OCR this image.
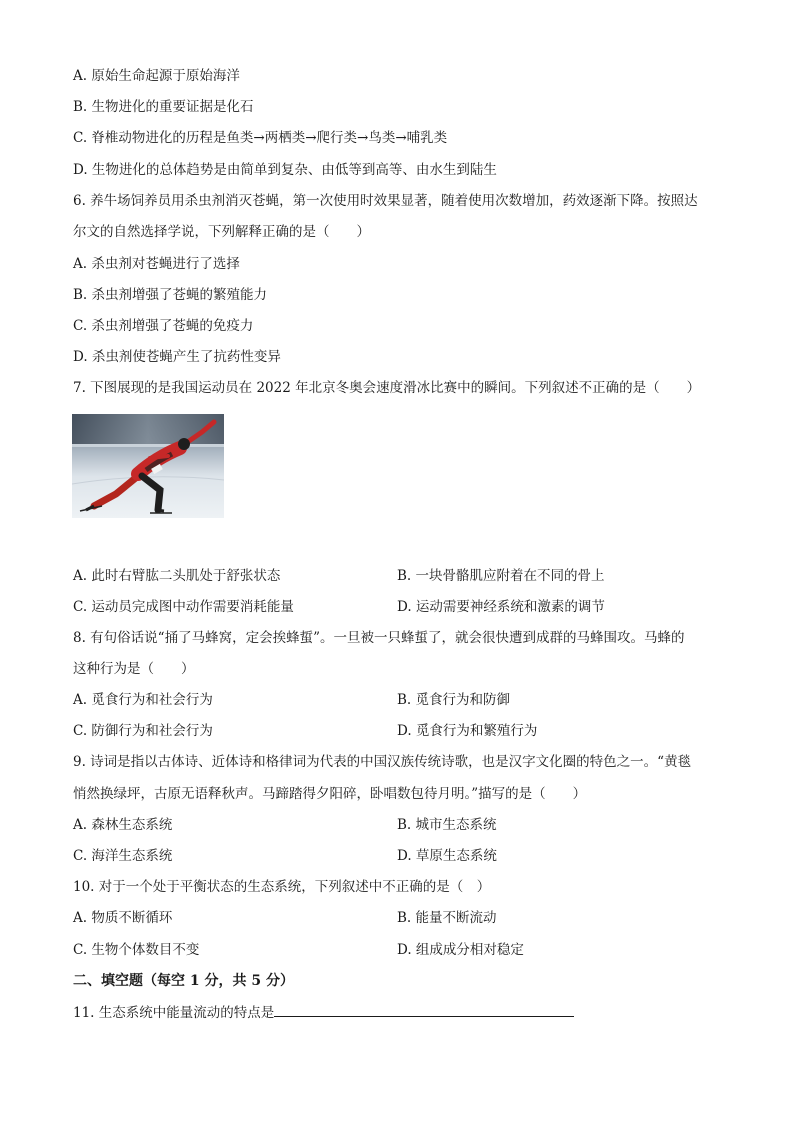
A. 原始生命起源于原始海洋
B. 生物进化的重要证据是化石
C. 脊椎动物进化的历程是鱼类→两栖类→爬行类→鸟类→哺乳类
D. 生物进化的总体趋势是由简单到复杂、由低等到高等、由水生到陆生
6. 养牛场饲养员用杀虫剂消灭苍蝇，第一次使用时效果显著，随着使用次数增加，药效逐渐下降。按照达
尔文的自然选择学说，下列解释正确的是（　　）
A. 杀虫剂对苍蝇进行了选择
B. 杀虫剂增强了苍蝇的繁殖能力
C. 杀虫剂增强了苍蝇的免疫力
D. 杀虫剂使苍蝇产生了抗药性变异
7. 下图展现的是我国运动员在 2022 年北京冬奥会速度滑冰比赛中的瞬间。下列叙述不正确的是（　　）
A. 此时右臂肱二头肌处于舒张状态	B. 一块骨骼肌应附着在不同的骨上
C. 运动员完成图中动作需要消耗能量	D. 运动需要神经系统和激素的调节
8. 有句俗话说“捅了马蜂窝，定会挨蜂蜇”。一旦被一只蜂蜇了，就会很快遭到成群的马蜂围攻。马蜂的
这种行为是（　　）
A. 觅食行为和社会行为	B. 觅食行为和防御
C. 防御行为和社会行为	D. 觅食行为和繁殖行为
9. 诗词是指以古体诗、近体诗和格律词为代表的中国汉族传统诗歌，也是汉字文化圈的特色之一。“黄毯
悄然换绿坪，古原无语释秋声。马蹄踏得夕阳碎，卧唱数包待月明。”描写的是（　　）
A. 森林生态系统	B. 城市生态系统
C. 海洋生态系统	D. 草原生态系统
10. 对于一个处于平衡状态的生态系统，下列叙述中不正确的是（　）
A. 物质不断循环	B. 能量不断流动
C. 生物个体数目不变	D. 组成成分相对稳定
二、填空题（每空 1 分，共 5 分）
11. 生态系统中能量流动的特点是
